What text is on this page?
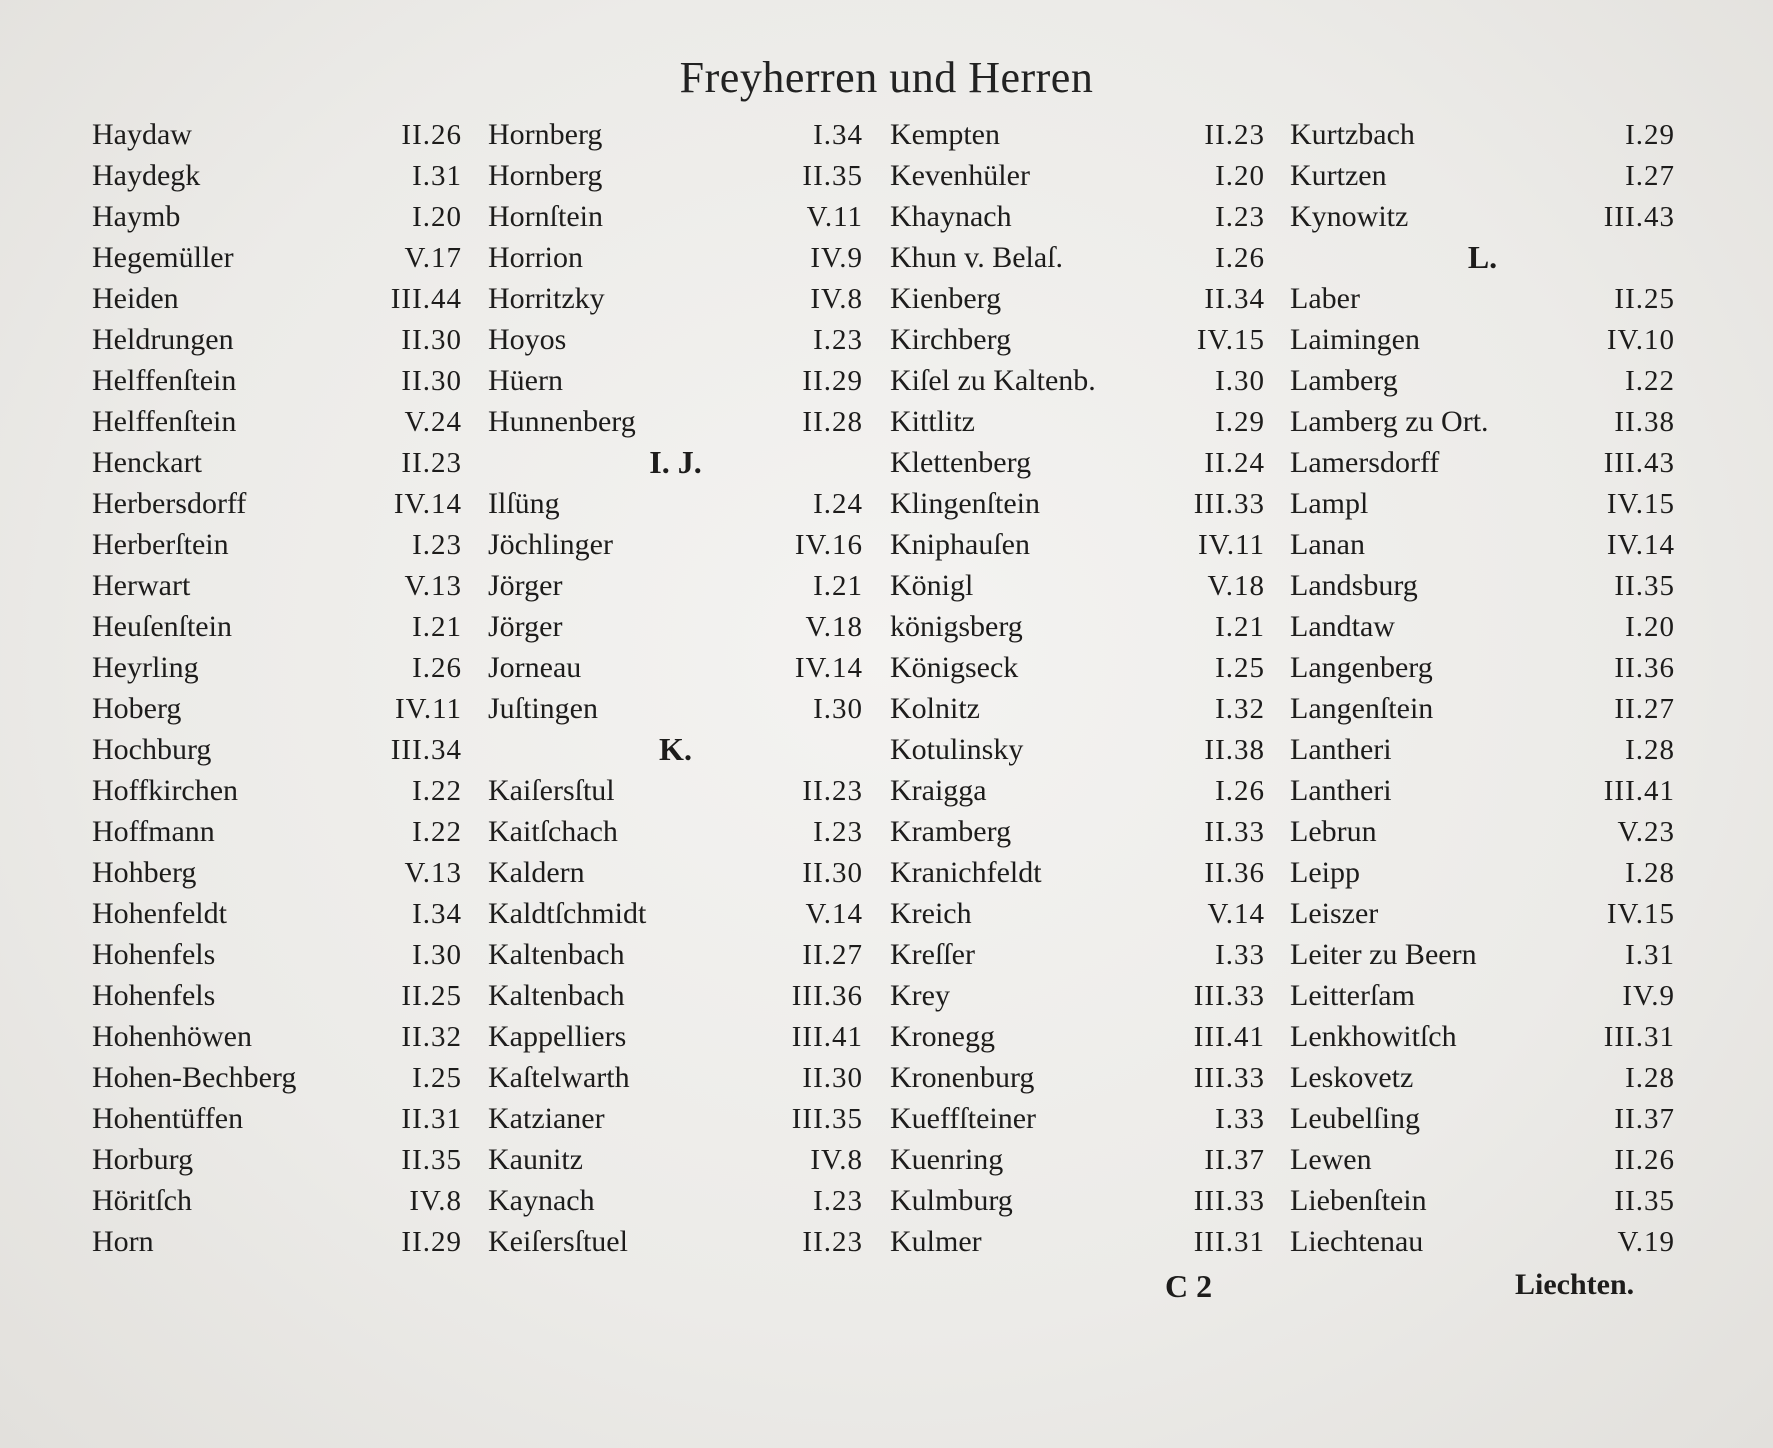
Freyherren und Herren
Haydaw	II.26
Haydegk	I.31
Haymb	I.20
Hegemüller	V.17
Heiden	III.44
Heldrungen	II.30
Helffenſtein	II.30
Helffenſtein	V.24
Henckart	II.23
Herbersdorff	IV.14
Herberſtein	I.23
Herwart	V.13
Heuſenſtein	I.21
Heyrling	I.26
Hoberg	IV.11
Hochburg	III.34
Hoffkirchen	I.22
Hoffmann	I.22
Hohberg	V.13
Hohenfeldt	I.34
Hohenfels	I.30
Hohenfels	II.25
Hohenhöwen	II.32
Hohen-Bechberg	I.25
Hohentüffen	II.31
Horburg	II.35
Höritſch	IV.8
Horn	II.29
Hornberg	I.34
Hornberg	II.35
Hornſtein	V.11
Horrion	IV.9
Horritzky	IV.8
Hoyos	I.23
Hüern	II.29
Hunnenberg	II.28
I. J.
Ilſüng	I.24
Jöchlinger	IV.16
Jörger	I.21
Jörger	V.18
Jorneau	IV.14
Juſtingen	I.30
K.
Kaiſersſtul	II.23
Kaitſchach	I.23
Kaldern	II.30
Kaldtſchmidt	V.14
Kaltenbach	II.27
Kaltenbach	III.36
Kappelliers	III.41
Kaſtelwarth	II.30
Katzianer	III.35
Kaunitz	IV.8
Kaynach	I.23
Keiſersſtuel	II.23
Kempten	II.23
Kevenhüler	I.20
Khaynach	I.23
Khun v. Belaſ.	I.26
Kienberg	II.34
Kirchberg	IV.15
Kiſel zu Kaltenb.	I.30
Kittlitz	I.29
Klettenberg	II.24
Klingenſtein	III.33
Kniphauſen	IV.11
Königl	V.18
königsberg	I.21
Königseck	I.25
Kolnitz	I.32
Kotulinsky	II.38
Kraigga	I.26
Kramberg	II.33
Kranichfeldt	II.36
Kreich	V.14
Kreſſer	I.33
Krey	III.33
Kronegg	III.41
Kronenburg	III.33
Kueffſteiner	I.33
Kuenring	II.37
Kulmburg	III.33
Kulmer	III.31
Kurtzbach	I.29
Kurtzen	I.27
Kynowitz	III.43
L.
Laber	II.25
Laimingen	IV.10
Lamberg	I.22
Lamberg zu Ort.	II.38
Lamersdorff	III.43
Lampl	IV.15
Lanan	IV.14
Landsburg	II.35
Landtaw	I.20
Langenberg	II.36
Langenſtein	II.27
Lantheri	I.28
Lantheri	III.41
Lebrun	V.23
Leipp	I.28
Leiszer	IV.15
Leiter zu Beern	I.31
Leitterſam	IV.9
Lenkhowitſch	III.31
Leskovetz	I.28
Leubelſing	II.37
Lewen	II.26
Liebenſtein	II.35
Liechtenau	V.19
C 2	Liechten.
